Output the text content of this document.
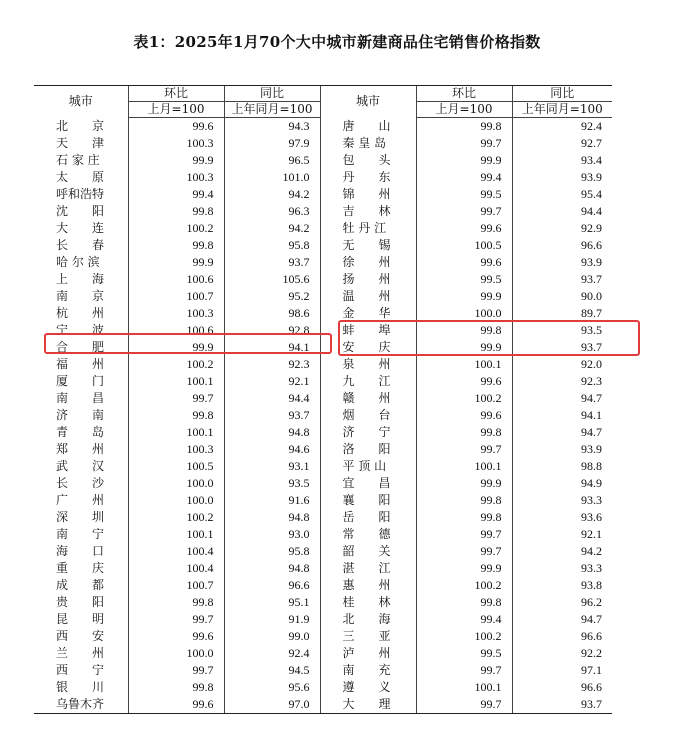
表1：2025年1月70个大中城市新建商品住宅销售价格指数
城市	环比	同比	城市	环比	同比
	上月=100	上年同月=100		上月=100	上年同月=100
北　　京	99.6	94.3	唐　　山	99.8	92.4
天　　津	100.3	97.9	秦 皇 岛	99.7	92.7
石 家 庄	99.9	96.5	包　　头	99.9	93.4
太　　原	100.3	101.0	丹　　东	99.4	93.9
呼和浩特	99.4	94.2	锦　　州	99.5	95.4
沈　　阳	99.8	96.3	吉　　林	99.7	94.4
大　　连	100.2	94.2	牡 丹 江	99.6	92.9
长　　春	99.8	95.8	无　　锡	100.5	96.6
哈 尔 滨	99.9	93.7	徐　　州	99.6	93.9
上　　海	100.6	105.6	扬　　州	99.5	93.7
南　　京	100.7	95.2	温　　州	99.9	90.0
杭　　州	100.3	98.6	金　　华	100.0	89.7
宁　　波	100.6	92.8	蚌　　埠	99.8	93.5
合　　肥	99.9	94.1	安　　庆	99.9	93.7
福　　州	100.2	92.3	泉　　州	100.1	92.0
厦　　门	100.1	92.1	九　　江	99.6	92.3
南　　昌	99.7	94.4	赣　　州	100.2	94.7
济　　南	99.8	93.7	烟　　台	99.6	94.1
青　　岛	100.1	94.8	济　　宁	99.8	94.7
郑　　州	100.3	94.6	洛　　阳	99.7	93.9
武　　汉	100.5	93.1	平 顶 山	100.1	98.8
长　　沙	100.0	93.5	宜　　昌	99.9	94.9
广　　州	100.0	91.6	襄　　阳	99.8	93.3
深　　圳	100.2	94.8	岳　　阳	99.8	93.6
南　　宁	100.1	93.0	常　　德	99.7	92.1
海　　口	100.4	95.8	韶　　关	99.7	94.2
重　　庆	100.4	94.8	湛　　江	99.9	93.3
成　　都	100.7	96.6	惠　　州	100.2	93.8
贵　　阳	99.8	95.1	桂　　林	99.8	96.2
昆　　明	99.7	91.9	北　　海	99.4	94.7
西　　安	99.6	99.0	三　　亚	100.2	96.6
兰　　州	100.0	92.4	泸　　州	99.5	92.2
西　　宁	99.7	94.5	南　　充	99.7	97.1
银　　川	99.8	95.6	遵　　义	100.1	96.6
乌鲁木齐	99.6	97.0	大　　理	99.7	93.7
